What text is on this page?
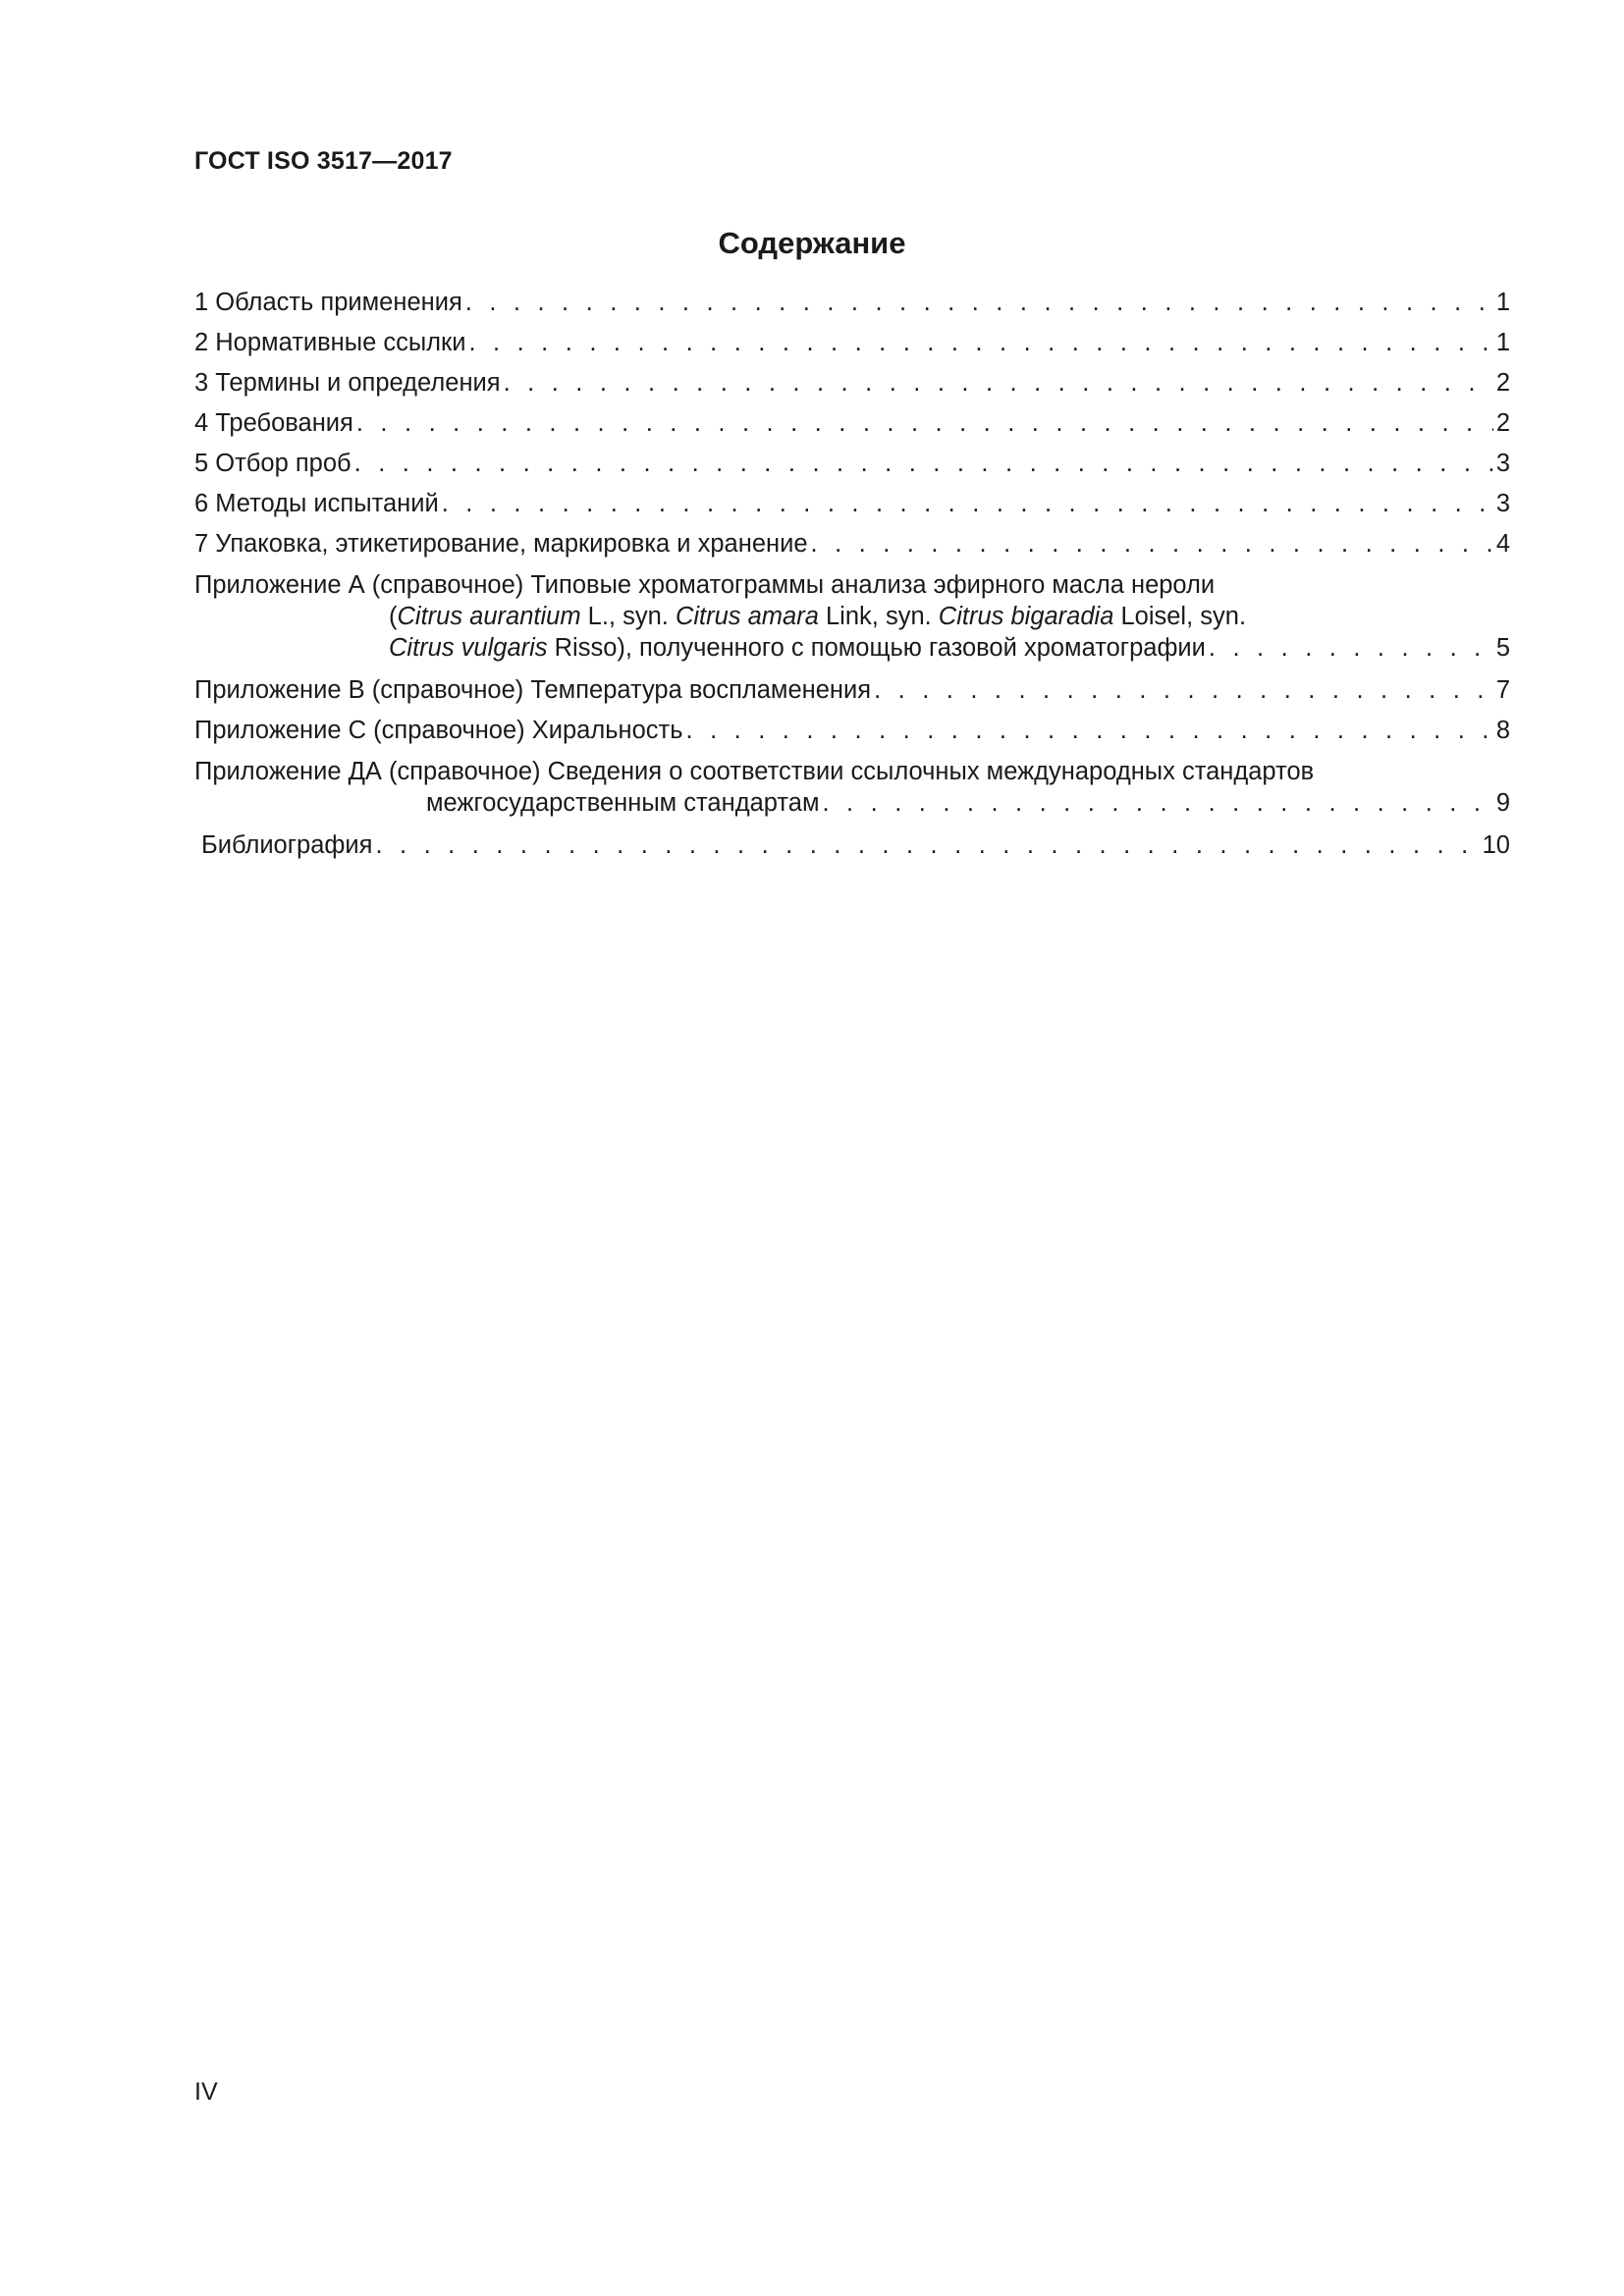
ГОСТ ISO 3517—2017
Содержание
1 Область применения . . .	1
2 Нормативные ссылки . . .	1
3 Термины и определения . . .	2
4 Требования . . .	2
5 Отбор проб . . .	3
6 Методы испытаний . . .	3
7 Упаковка, этикетирование, маркировка и хранение . . .	4
Приложение А (справочное) Типовые хроматограммы анализа эфирного масла нероли
(Citrus aurantium L., syn. Citrus amara Link, syn. Citrus bigaradia Loisel, syn.
Citrus vulgaris Risso), полученного с помощью газовой хроматографии . . .	5
Приложение В (справочное) Температура воспламенения . . .	7
Приложение С (справочное) Хиральность . . .	8
Приложение ДА (справочное) Сведения о соответствии ссылочных международных стандартов
межгосударственным стандартам . . .	9
Библиография . . .	10
IV
